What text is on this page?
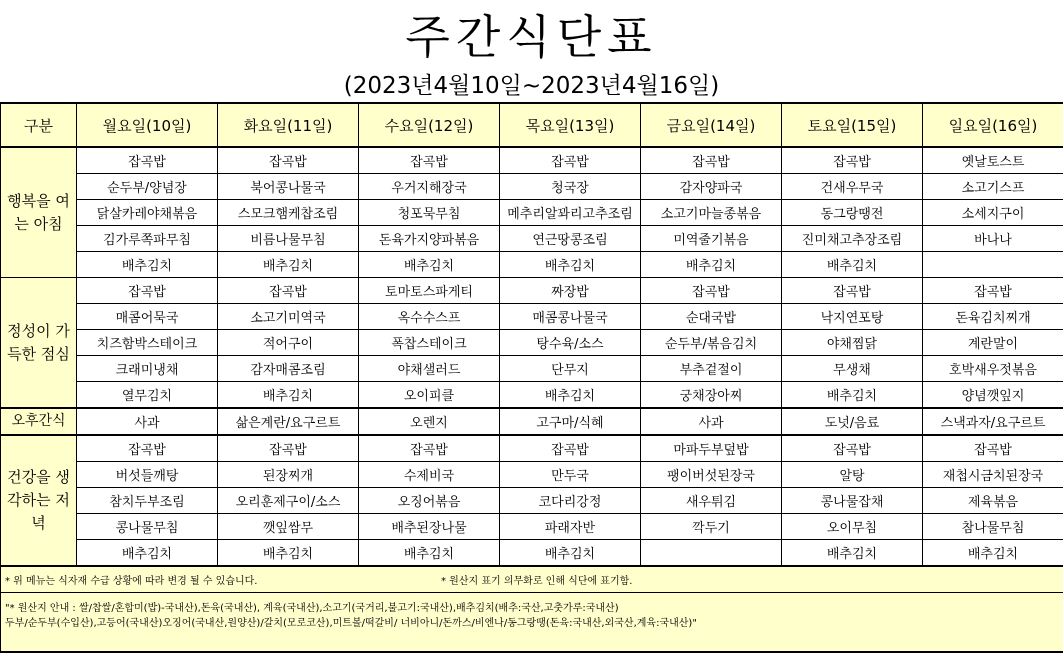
주간식단표
(2023년4월10일~2023년4월16일)
구분	월요일(10일)	화요일(11일)	수요일(12일)	목요일(13일)	금요일(14일)	토요일(15일)	일요일(16일)
행복을 여는 아침	잡곡밥	잡곡밥	잡곡밥	잡곡밥	잡곡밥	잡곡밥	옛날토스트
	순두부/양념장	북어콩나물국	우거지해장국	청국장	감자양파국	건새우무국	소고기스프
	닭살카레야채볶음	스모크햄케찹조림	청포묵무침	메추리알꽈리고추조림	소고기마늘종볶음	동그랑땡전	소세지구이
	김가루쪽파무침	비름나물무침	돈육가지양파볶음	연근땅콩조림	미역줄기볶음	진미채고추장조림	바나나
	배추김치	배추김치	배추김치	배추김치	배추김치	배추김치	
정성이 가득한 점심	잡곡밥	잡곡밥	토마토스파게티	짜장밥	잡곡밥	잡곡밥	잡곡밥
	매콤어묵국	소고기미역국	옥수수스프	매콤콩나물국	순대국밥	낙지연포탕	돈육김치찌개
	치즈함박스테이크	적어구이	폭찹스테이크	탕수육/소스	순두부/볶음김치	야채찜닭	계란말이
	크래미냉채	감자매콤조림	야채샐러드	단무지	부추겉절이	무생채	호박새우젓볶음
	열무김치	배추김치	오이피클	배추김치	궁채장아찌	배추김치	양념깻잎지
오후간식	사과	삶은계란/요구르트	오렌지	고구마/식혜	사과	도넛/음료	스낵과자/요구르트
건강을 생각하는 저녁	잡곡밥	잡곡밥	잡곡밥	잡곡밥	마파두부덮밥	잡곡밥	잡곡밥
	버섯들깨탕	된장찌개	수제비국	만두국	팽이버섯된장국	알탕	재첩시금치된장국
	참치두부조림	오리훈제구이/소스	오징어볶음	코다리강정	새우튀김	콩나물잡채	제육볶음
	콩나물무침	깻잎쌈무	배추된장나물	파래자반	깍두기	오이무침	참나물무침
	배추김치	배추김치	배추김치	배추김치		배추김치	배추김치
* 위 메뉴는 식자재 수급 상황에 따라 변경 될 수 있습니다. * 원산지 표기 의무화로 인해 식단에 표기함.							

"* 원산지 안내 : 쌀/찹쌀/혼합미(밥)-국내산),돈육(국내산), 계육(국내산),소고기(국거리,불고기:국내산),배추김치(배추:국산,고춧가루:국내산)
두부/순두부(수입산),고등어(국내산)오징어(국내산,원양산)/갈치(모로코산),미트볼/떡갈비/ 너비아니/돈까스/비엔나/동그랑땡(돈육:국내산,외국산,계육:국내산)"							
